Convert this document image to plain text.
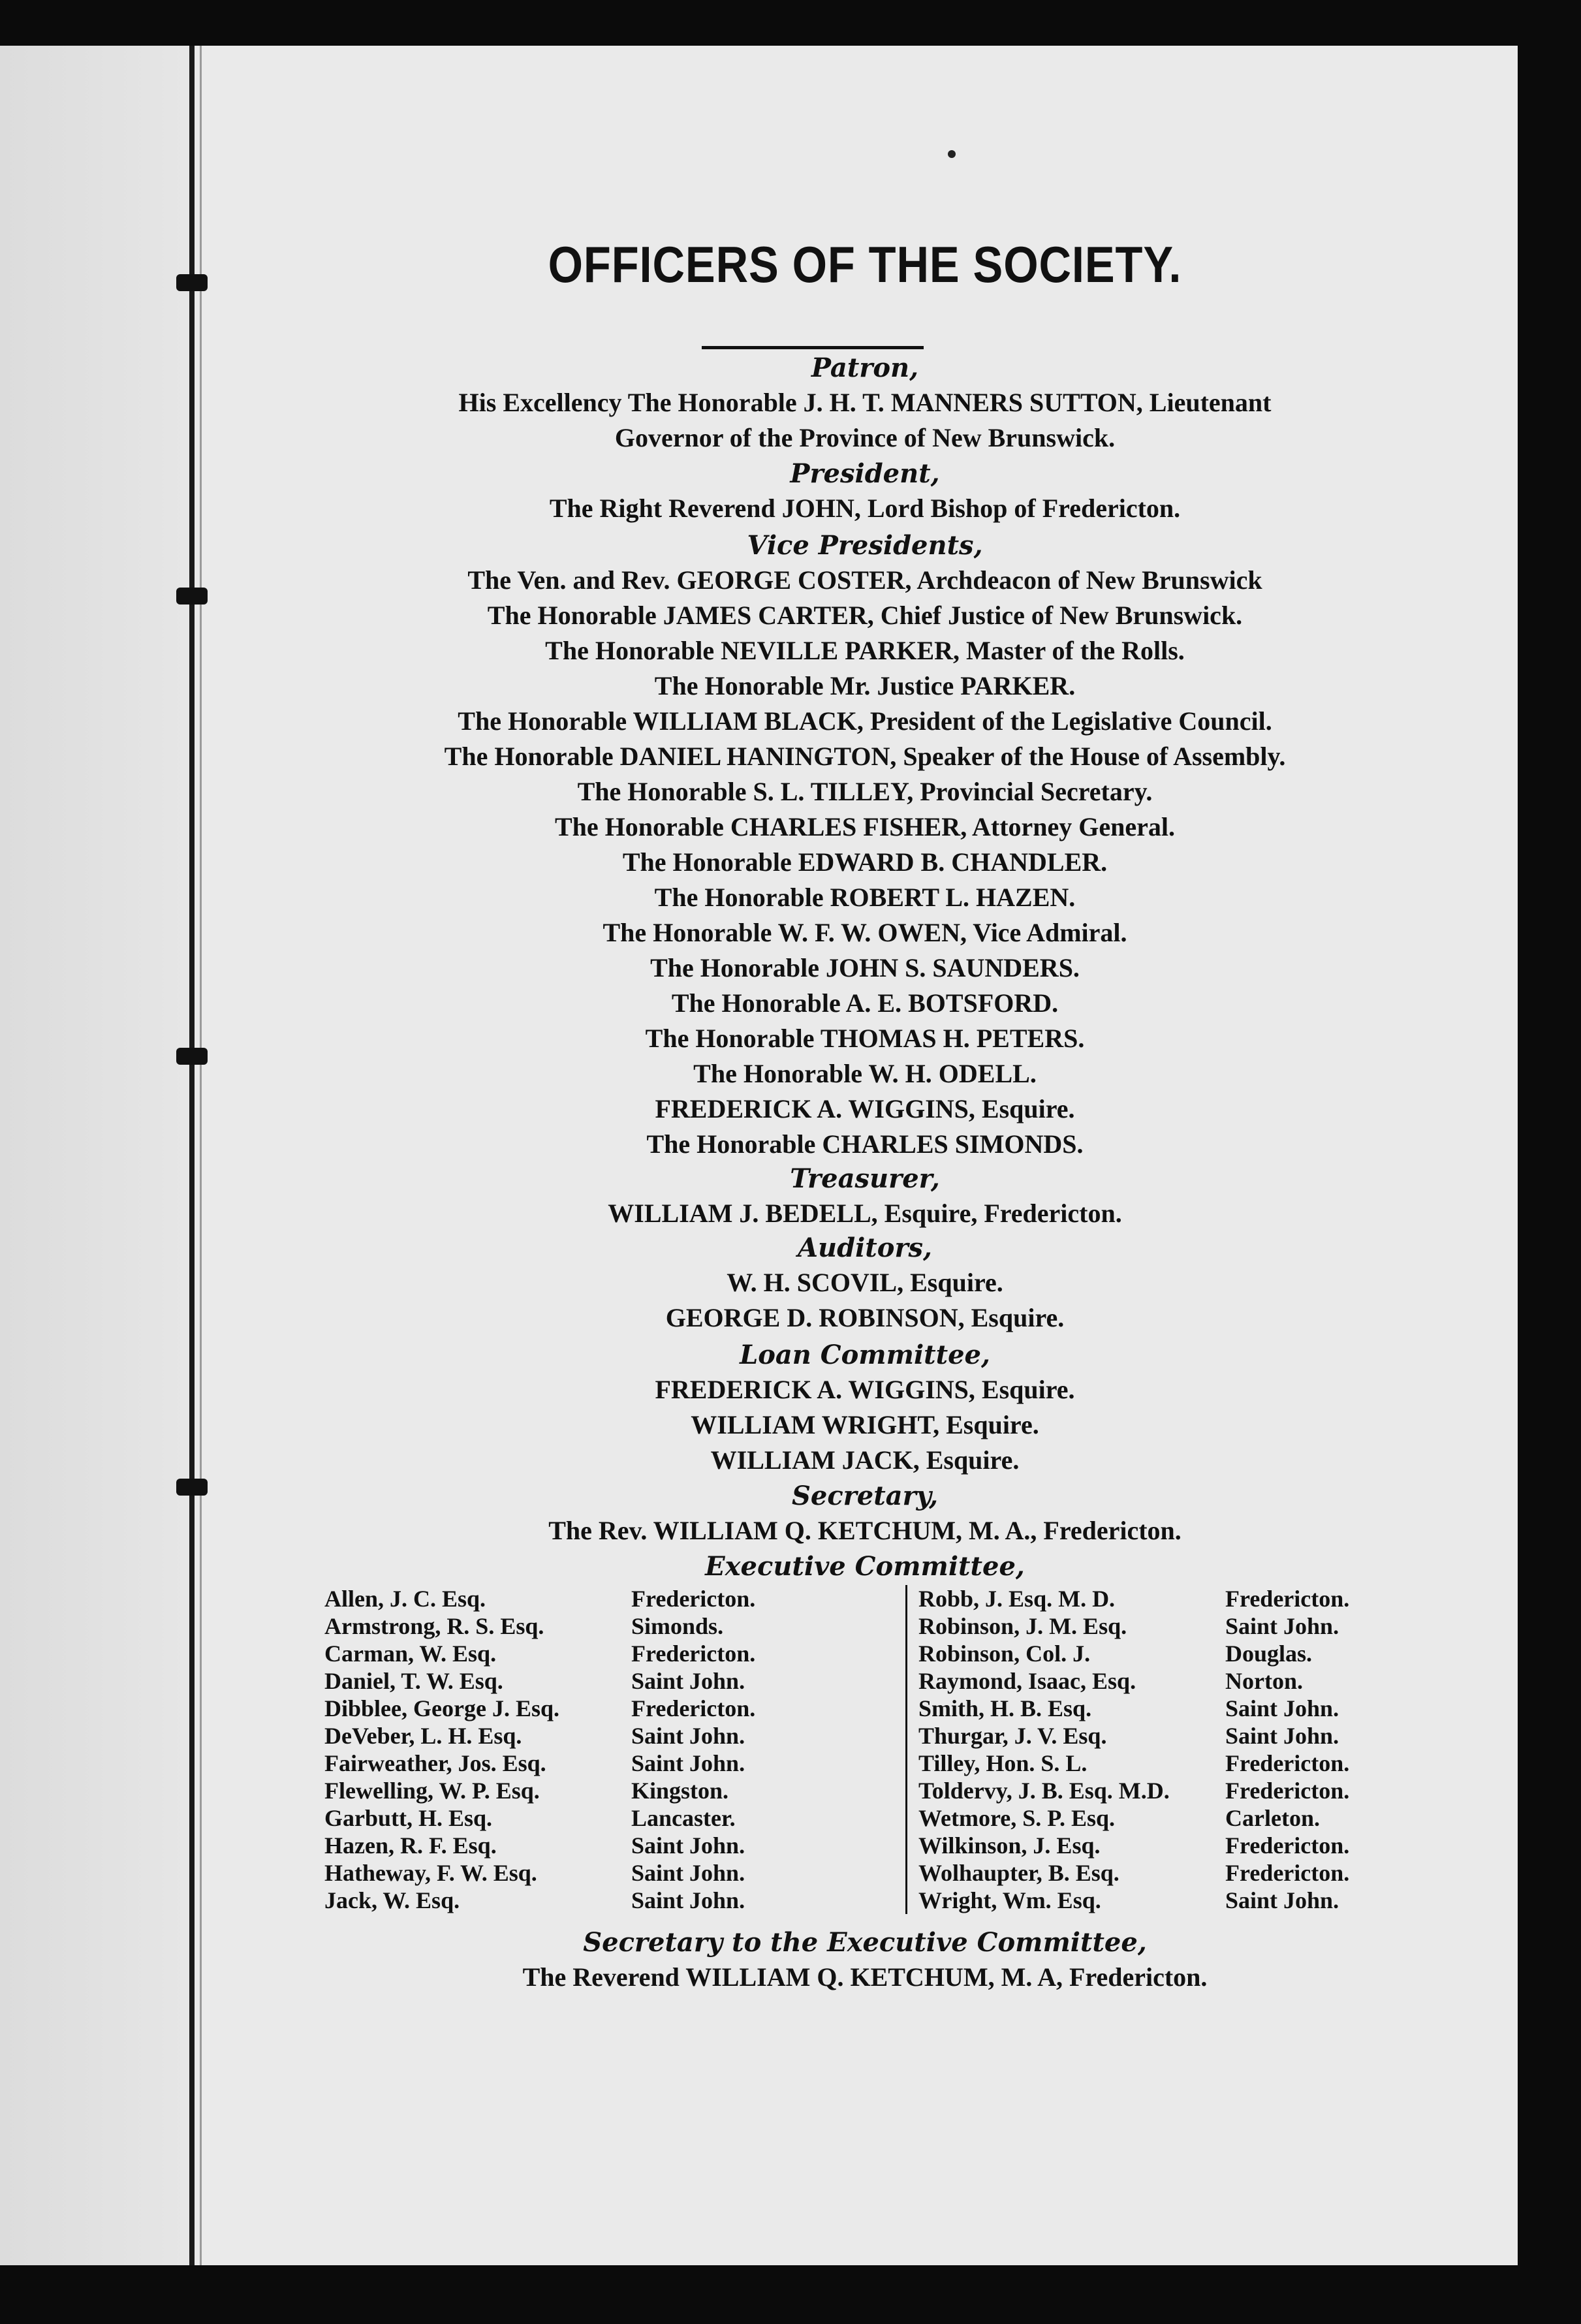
OFFICERS OF THE SOCIETY.
Patron,
His Excellency The Honorable J. H. T. MANNERS SUTTON, Lieutenant
Governor of the Province of New Brunswick.
President,
The Right Reverend JOHN, Lord Bishop of Fredericton.
Vice Presidents,
The Ven. and Rev. GEORGE COSTER, Archdeacon of New Brunswick
The Honorable JAMES CARTER, Chief Justice of New Brunswick.
The Honorable NEVILLE PARKER, Master of the Rolls.
The Honorable Mr. Justice PARKER.
The Honorable WILLIAM BLACK, President of the Legislative Council.
The Honorable DANIEL HANINGTON, Speaker of the House of Assembly.
The Honorable S. L. TILLEY, Provincial Secretary.
The Honorable CHARLES FISHER, Attorney General.
The Honorable EDWARD B. CHANDLER.
The Honorable ROBERT L. HAZEN.
The Honorable W. F. W. OWEN, Vice Admiral.
The Honorable JOHN S. SAUNDERS.
The Honorable A. E. BOTSFORD.
The Honorable THOMAS H. PETERS.
The Honorable W. H. ODELL.
FREDERICK A. WIGGINS, Esquire.
The Honorable CHARLES SIMONDS.
Treasurer,
WILLIAM J. BEDELL, Esquire, Fredericton.
Auditors,
W. H. SCOVIL, Esquire.
GEORGE D. ROBINSON, Esquire.
Loan Committee,
FREDERICK A. WIGGINS, Esquire.
WILLIAM WRIGHT, Esquire.
WILLIAM JACK, Esquire.
Secretary,
The Rev. WILLIAM Q. KETCHUM, M. A., Fredericton.
Executive Committee,
Allen, J. C. Esq.	Fredericton.
Armstrong, R. S. Esq.	Simonds.
Carman, W. Esq.	Fredericton.
Daniel, T. W. Esq.	Saint John.
Dibblee, George J. Esq.	Fredericton.
DeVeber, L. H. Esq.	Saint John.
Fairweather, Jos. Esq.	Saint John.
Flewelling, W. P. Esq.	Kingston.
Garbutt, H. Esq.	Lancaster.
Hazen, R. F. Esq.	Saint John.
Hatheway, F. W. Esq.	Saint John.
Jack, W. Esq.	Saint John.
Robb, J. Esq. M. D.	Fredericton.
Robinson, J. M. Esq.	Saint John.
Robinson, Col. J.	Douglas.
Raymond, Isaac, Esq.	Norton.
Smith, H. B. Esq.	Saint John.
Thurgar, J. V. Esq.	Saint John.
Tilley, Hon. S. L.	Fredericton.
Toldervy, J. B. Esq. M.D.	Fredericton.
Wetmore, S. P. Esq.	Carleton.
Wilkinson, J. Esq.	Fredericton.
Wolhaupter, B. Esq.	Fredericton.
Wright, Wm. Esq.	Saint John.
Secretary to the Executive Committee,
The Reverend WILLIAM Q. KETCHUM, M. A, Fredericton.
